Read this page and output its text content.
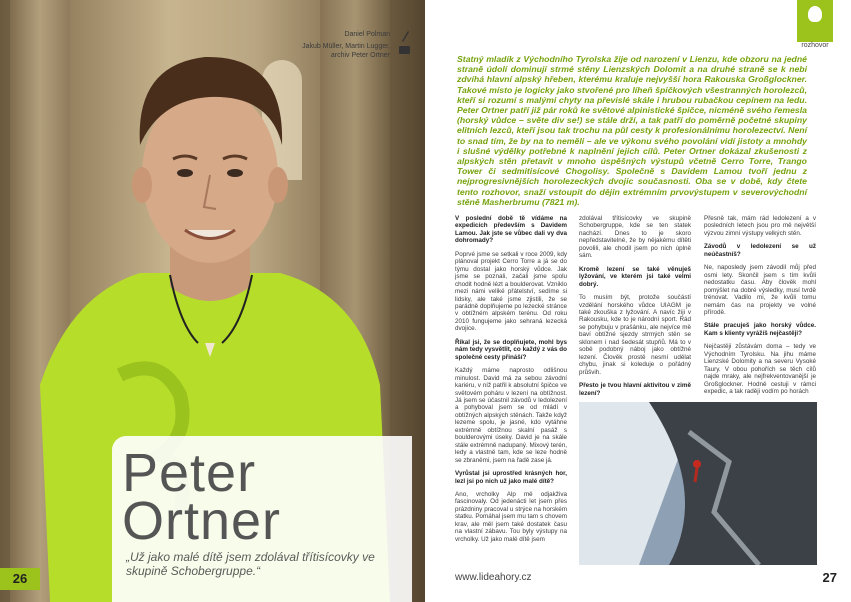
Daniel Polman
Jakub Müller, Martin Lugger,
archiv Peter Ortner
Peter
Ortner
„Už jako malé dítě jsem zdolával třítisícovky ve skupině Schobergruppe.“
26
rozhovor
Statný mladík z Východního Tyrolska žije od narození v Lienzu, kde obzoru na jedné straně údolí dominují strmé stěny Lienzských Dolomit a na druhé straně se k nebi zdvíhá hlavní alpský hřeben, kterému kraluje nejvyšší hora Rakouska Großglockner. Takové místo je logicky jako stvořené pro líheň špičkových všestranných horolezců, kteří si rozumí s malými chyty na převislé skále i hrubou rubačkou cepínem na ledu. Peter Ortner patří již pár roků ke světové alpinistické špičce, nicméně svého řemesla (horský vůdce – světe div se!) se stále drží, a tak patří do poměrně početné skupiny elitních lezců, kteří jsou tak trochu na půl cesty k profesionálnímu horolezectví. Není to snad tím, že by na to neměli – ale ve výkonu svého povolání vidí jistoty a mnohdy i slušné výdělky potřebné k naplnění jejich cílů. Peter Ortner dokázal zkušenosti z alpských stěn přetavit v mnoho úspěšných výstupů včetně Cerro Torre, Trango Tower či sedmitisícové Chogolisy. Společně s Davidem Lamou tvoří jednu z nejprogresivnějších horolezeckých dvojic současnosti. Oba se v době, kdy čtete tento rozhovor, snaží vstoupit do dějin extrémním prvovýstupem v severovýchodní stěně Masherbrumu (7821 m).

V poslední době tě vídáme na expedicích především s Davidem Lamou. Jak jste se vůbec dali vy dva dohromady?

Poprvé jsme se setkali v roce 2009, kdy plánoval projekt Cerro Torre a já se do týmu dostal jako horský vůdce. Jak jsme se poznali, začali jsme spolu chodit hodně lézt a boulderovat. Vzniklo mezi námi veliké přátelství, sedíme si lidsky, ale také jsme zjistili, že se parádně doplňujeme po lezecké stránce v obtížném alpském terénu. Od roku 2010 fungujeme jako sehraná lezecká dvojice.

Říkal jsi, že se doplňujete, mohl bys nám tedy vysvětlit, co každý z vás do společné cesty přináší?

Každý máme naprosto odlišnou minulost. David má za sebou závodní kariéru, v níž patřil k absolutní špičce ve světovém poháru v lezení na obtížnost. Já jsem se účastnil závodů v ledolezení a pohyboval jsem se od mládí v obtížných alpských stěnách. Takže když lezeme spolu, je jasné, kdo vytáhne extrémně obtížnou skalní pasáž s boulderovými úseky. David je na skále stále extrémně nadupaný. Mixový terén, ledy a vlastně tam, kde se leze hodně se zbraněmi, jsem na řadě zase já.

Vyrůstal jsi uprostřed krásných hor, lezl jsi po nich už jako malé dítě?

Ano, vrcholky Alp mě odjakživa fascinovaly. Od jedenácti let jsem přes prázdniny pracoval u strýce na horském statku. Pomáhal jsem mu tam s chovem krav, ale měl jsem také dostatek času na vlastní zábavu. Tou byly výstupy na vrcholky. Už jako malé dítě jsem

zdolával třítisícovky ve skupině Schobergruppe, kde se ten statek nachází. Dnes to je skoro nepředstavitelné, že by nějakému dítěti povolili, ale chodil jsem po nich úplně sám.

Kromě lezení se také věnuješ lyžování, ve kterém jsi také velmi dobrý.

To musím být, protože součástí vzdělání horského vůdce UIAGM je také zkouška z lyžování. A navíc žiji v Rakousku, kde to je národní sport. Rád se pohybuju v prašánku, ale nejvíce mě baví obtížné sjezdy strmých stěn se sklonem i nad šedesát stupňů. Má to v sobě podobný náboj jako obtížné lezení. Člověk prostě nesmí udělat chybu, jinak si koleduje o pořádný průšvih.

Přesto je tvou hlavní aktivitou v zimě lezení?

Přesně tak, mám rád ledolezení a v posledních letech jsou pro mě největší výzvou zimní výstupy velkých stěn.

Závodů v ledolezení se už neúčastníš?

Ne, naposledy jsem závodil můj před osmi lety. Skončil jsem s tím kvůli nedostatku času. Aby člověk mohl pomýšlet na dobré výsledky, musí tvrdě trénovat. Vadilo mi, že kvůli tomu nemám čas na projekty ve volné přírodě.

Stále pracuješ jako horský vůdce. Kam s klienty vyrážíš nejčastěji?

Nejčastěji zůstávám doma – tedy ve Východním Tyrolsku. Na jihu máme Lienzské Dolomity a na severu Vysoké Taury. V obou pohořích se těch cílů najde mraky, ale nejfrekventovanější je Großglockner. Hodně cestuji v rámci expedic, a tak raději vodím po horách

www.lideahory.cz	27
